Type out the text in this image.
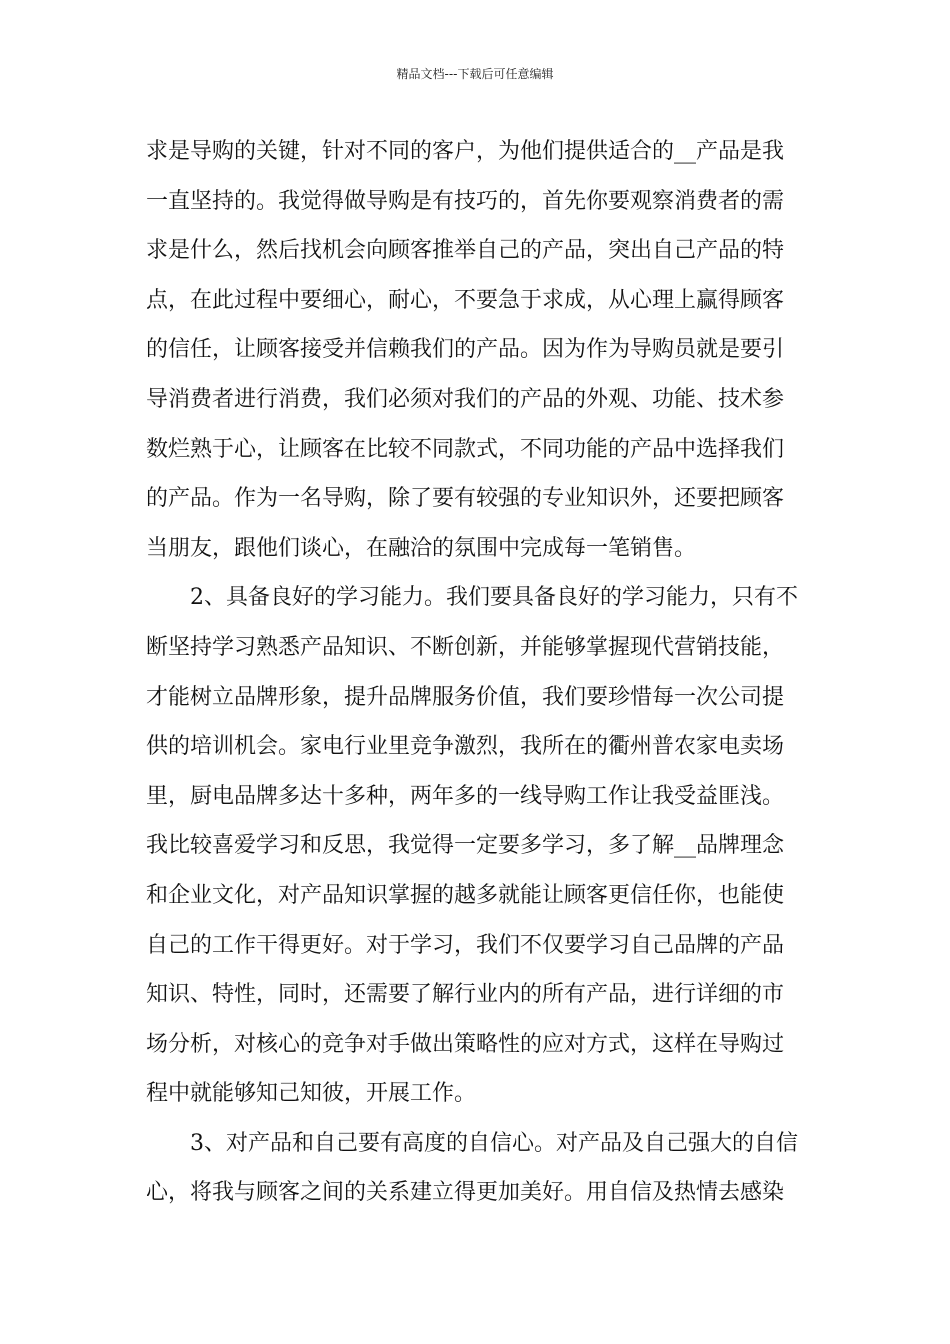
精品文档---下载后可任意编辑
求是导购的关键，针对不同的客户，为他们提供适合的__产品是我
一直坚持的。我觉得做导购是有技巧的，首先你要观察消费者的需
求是什么，然后找机会向顾客推举自己的产品，突出自己产品的特
点，在此过程中要细心，耐心，不要急于求成，从心理上赢得顾客
的信任，让顾客接受并信赖我们的产品。因为作为导购员就是要引
导消费者进行消费，我们必须对我们的产品的外观、功能、技术参
数烂熟于心，让顾客在比较不同款式，不同功能的产品中选择我们
的产品。作为一名导购，除了要有较强的专业知识外，还要把顾客
当朋友，跟他们谈心，在融洽的氛围中完成每一笔销售。
　　2、具备良好的学习能力。我们要具备良好的学习能力，只有不
断坚持学习熟悉产品知识、不断创新，并能够掌握现代营销技能，
才能树立品牌形象，提升品牌服务价值，我们要珍惜每一次公司提
供的培训机会。家电行业里竞争激烈，我所在的衢州普农家电卖场
里，厨电品牌多达十多种，两年多的一线导购工作让我受益匪浅。
我比较喜爱学习和反思，我觉得一定要多学习，多了解__品牌理念
和企业文化，对产品知识掌握的越多就能让顾客更信任你，也能使
自己的工作干得更好。对于学习，我们不仅要学习自己品牌的产品
知识、特性，同时，还需要了解行业内的所有产品，进行详细的市
场分析，对核心的竞争对手做出策略性的应对方式，这样在导购过
程中就能够知己知彼，开展工作。
　　3、对产品和自己要有高度的自信心。对产品及自己强大的自信
心，将我与顾客之间的关系建立得更加美好。用自信及热情去感染
